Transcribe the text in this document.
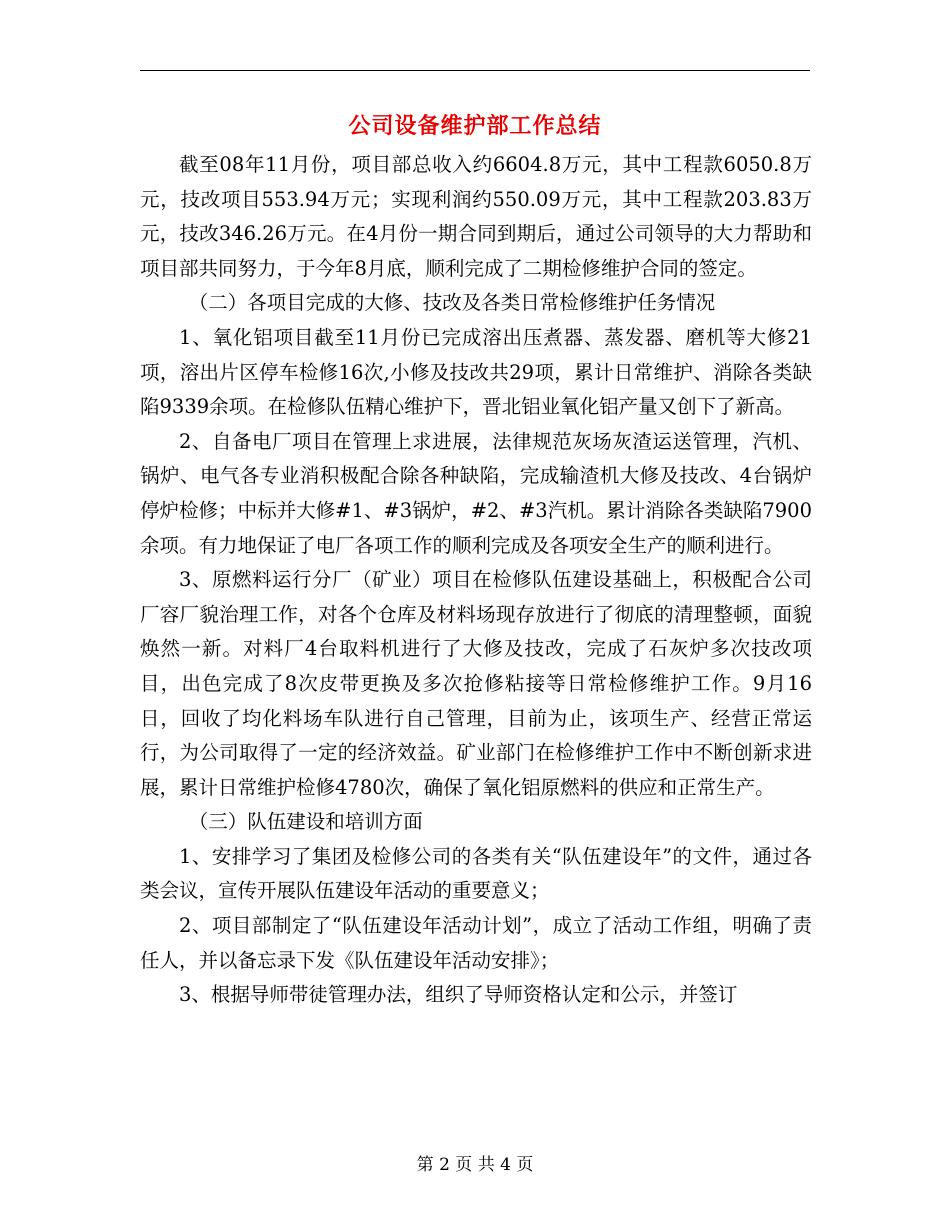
公司设备维护部工作总结

截至08年11月份，项目部总收入约6604.8万元，其中工程款6050.8万元，技改项目553.94万元；实现利润约550.09万元，其中工程款203.83万元，技改346.26万元。在4月份一期合同到期后，通过公司领导的大力帮助和项目部共同努力，于今年8月底，顺利完成了二期检修维护合同的签定。

（二）各项目完成的大修、技改及各类日常检修维护任务情况

1、氧化铝项目截至11月份已完成溶出压煮器、蒸发器、磨机等大修21项，溶出片区停车检修16次,小修及技改共29项，累计日常维护、消除各类缺陷9339余项。在检修队伍精心维护下，晋北铝业氧化铝产量又创下了新高。

2、自备电厂项目在管理上求进展，法律规范灰场灰渣运送管理，汽机、锅炉、电气各专业消积极配合除各种缺陷，完成输渣机大修及技改、4台锅炉停炉检修；中标并大修#1、#3锅炉，#2、#3汽机。累计消除各类缺陷7900余项。有力地保证了电厂各项工作的顺利完成及各项安全生产的顺利进行。

3、原燃料运行分厂（矿业）项目在检修队伍建设基础上，积极配合公司厂容厂貌治理工作，对各个仓库及材料场现存放进行了彻底的清理整顿，面貌焕然一新。对料厂4台取料机进行了大修及技改，完成了石灰炉多次技改项目，出色完成了8次皮带更换及多次抢修粘接等日常检修维护工作。9月16日，回收了均化料场车队进行自己管理，目前为止，该项生产、经营正常运行，为公司取得了一定的经济效益。矿业部门在检修维护工作中不断创新求进展，累计日常维护检修4780次，确保了氧化铝原燃料的供应和正常生产。

（三）队伍建设和培训方面

1、安排学习了集团及检修公司的各类有关“队伍建设年”的文件，通过各类会议，宣传开展队伍建设年活动的重要意义；

2、项目部制定了“队伍建设年活动计划”，成立了活动工作组，明确了责任人，并以备忘录下发《队伍建设年活动安排》；

3、根据导师带徒管理办法，组织了导师资格认定和公示，并签订

第 2 页 共 4 页
